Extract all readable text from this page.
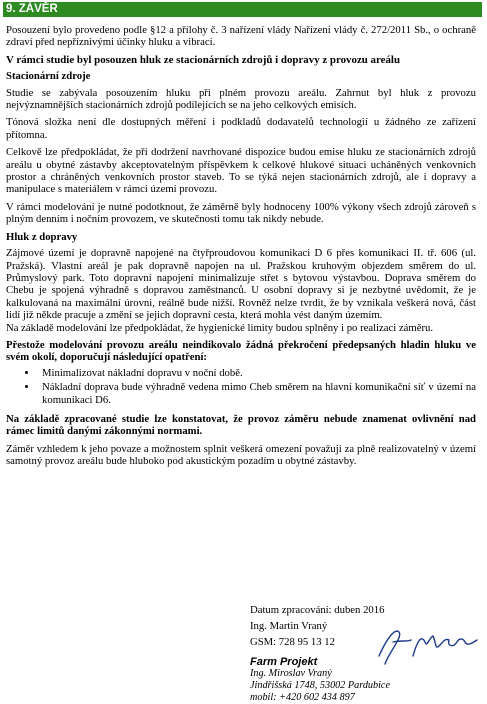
9. ZÁVĚR

Posouzení bylo provedeno podle §12 a přílohy č. 3 nařízení vlády Nařízení vlády č. 272/2011 Sb., o ochraně zdraví před nepříznivými účinky hluku a vibrací.

V rámci studie byl posouzen hluk ze stacionárních zdrojů i dopravy z provozu areálu
Stacionární zdroje

Studie se zabývala posouzením hluku při plném provozu areálu. Zahrnut byl hluk z provozu nejvýznamnějších stacionárních zdrojů podílejících se na jeho celkových emisích.

Tónová složka není dle dostupných měření i podkladů dodavatelů technologií u žádného ze zařízení přítomna.

Celkově lze předpokládat, že při dodržení navrhované dispozice budou emise hluku ze stacionárních zdrojů areálu u obytné zástavby akceptovatelným příspěvkem k celkové hlukové situaci ucháněných venkovních prostor a chráněných venkovních prostor staveb. To se týká nejen stacionárních zdrojů, ale i dopravy a manipulace s materiálem v rámci území provozu.

V rámci modelování je nutné podotknout, že záměrně byly hodnoceny 100% výkony všech zdrojů zároveň s plným denním i nočním provozem, ve skutečnosti tomu tak nikdy nebude.

Hluk z dopravy

Zájmové území je dopravně napojené na čtyřproudovou komunikaci D 6 přes komunikaci II. tř. 606 (ul. Pražská). Vlastní areál je pak dopravně napojen na ul. Pražskou kruhovým objezdem směrem do ul. Průmyslový park. Toto dopravní napojení minimalizuje střet s bytovou výstavbou. Doprava směrem do Chebu je spojená výhradně s dopravou zaměstnanců. U osobní dopravy si je nezbytné uvědomit, že je kalkulovaná na maximální úrovni, reálně bude nižší. Rovněž nelze tvrdit, že by vznikala veškerá nová, část lidí již někde pracuje a změní se jejich dopravní cesta, která mohla vést daným územím.

Na základě modelování lze předpokládat, že hygienické limity budou splněny i po realizaci záměru.

Přestože modelování provozu areálu neindikovalo žádná překročení předepsaných hladin hluku ve svém okolí, doporučují následující opatření:

• Minimalizovat nákladní dopravu v noční době.
• Nákladní doprava bude výhradně vedena mimo Cheb směrem na hlavní komunikační síť v území na komunikaci D6.

Na základě zpracované studie lze konstatovat, že provoz záměru nebude znamenat ovlivnění nad rámec limitů danými zákonnými normami.

Záměr vzhledem k jeho povaze a možnostem splnit veškerá omezení považuji za plně realizovatelný v území samotný provoz areálu bude hluboko pod akustickým pozadím u obytné zástavby.

Datum zpracování: duben 2016
Ing. Martin Vraný
GSM: 728 95 13 12
Farm Projekt
Ing. Miroslav Vraný
Jindřišská 1748, 53002 Pardubice
mobil: +420 602 434 897
